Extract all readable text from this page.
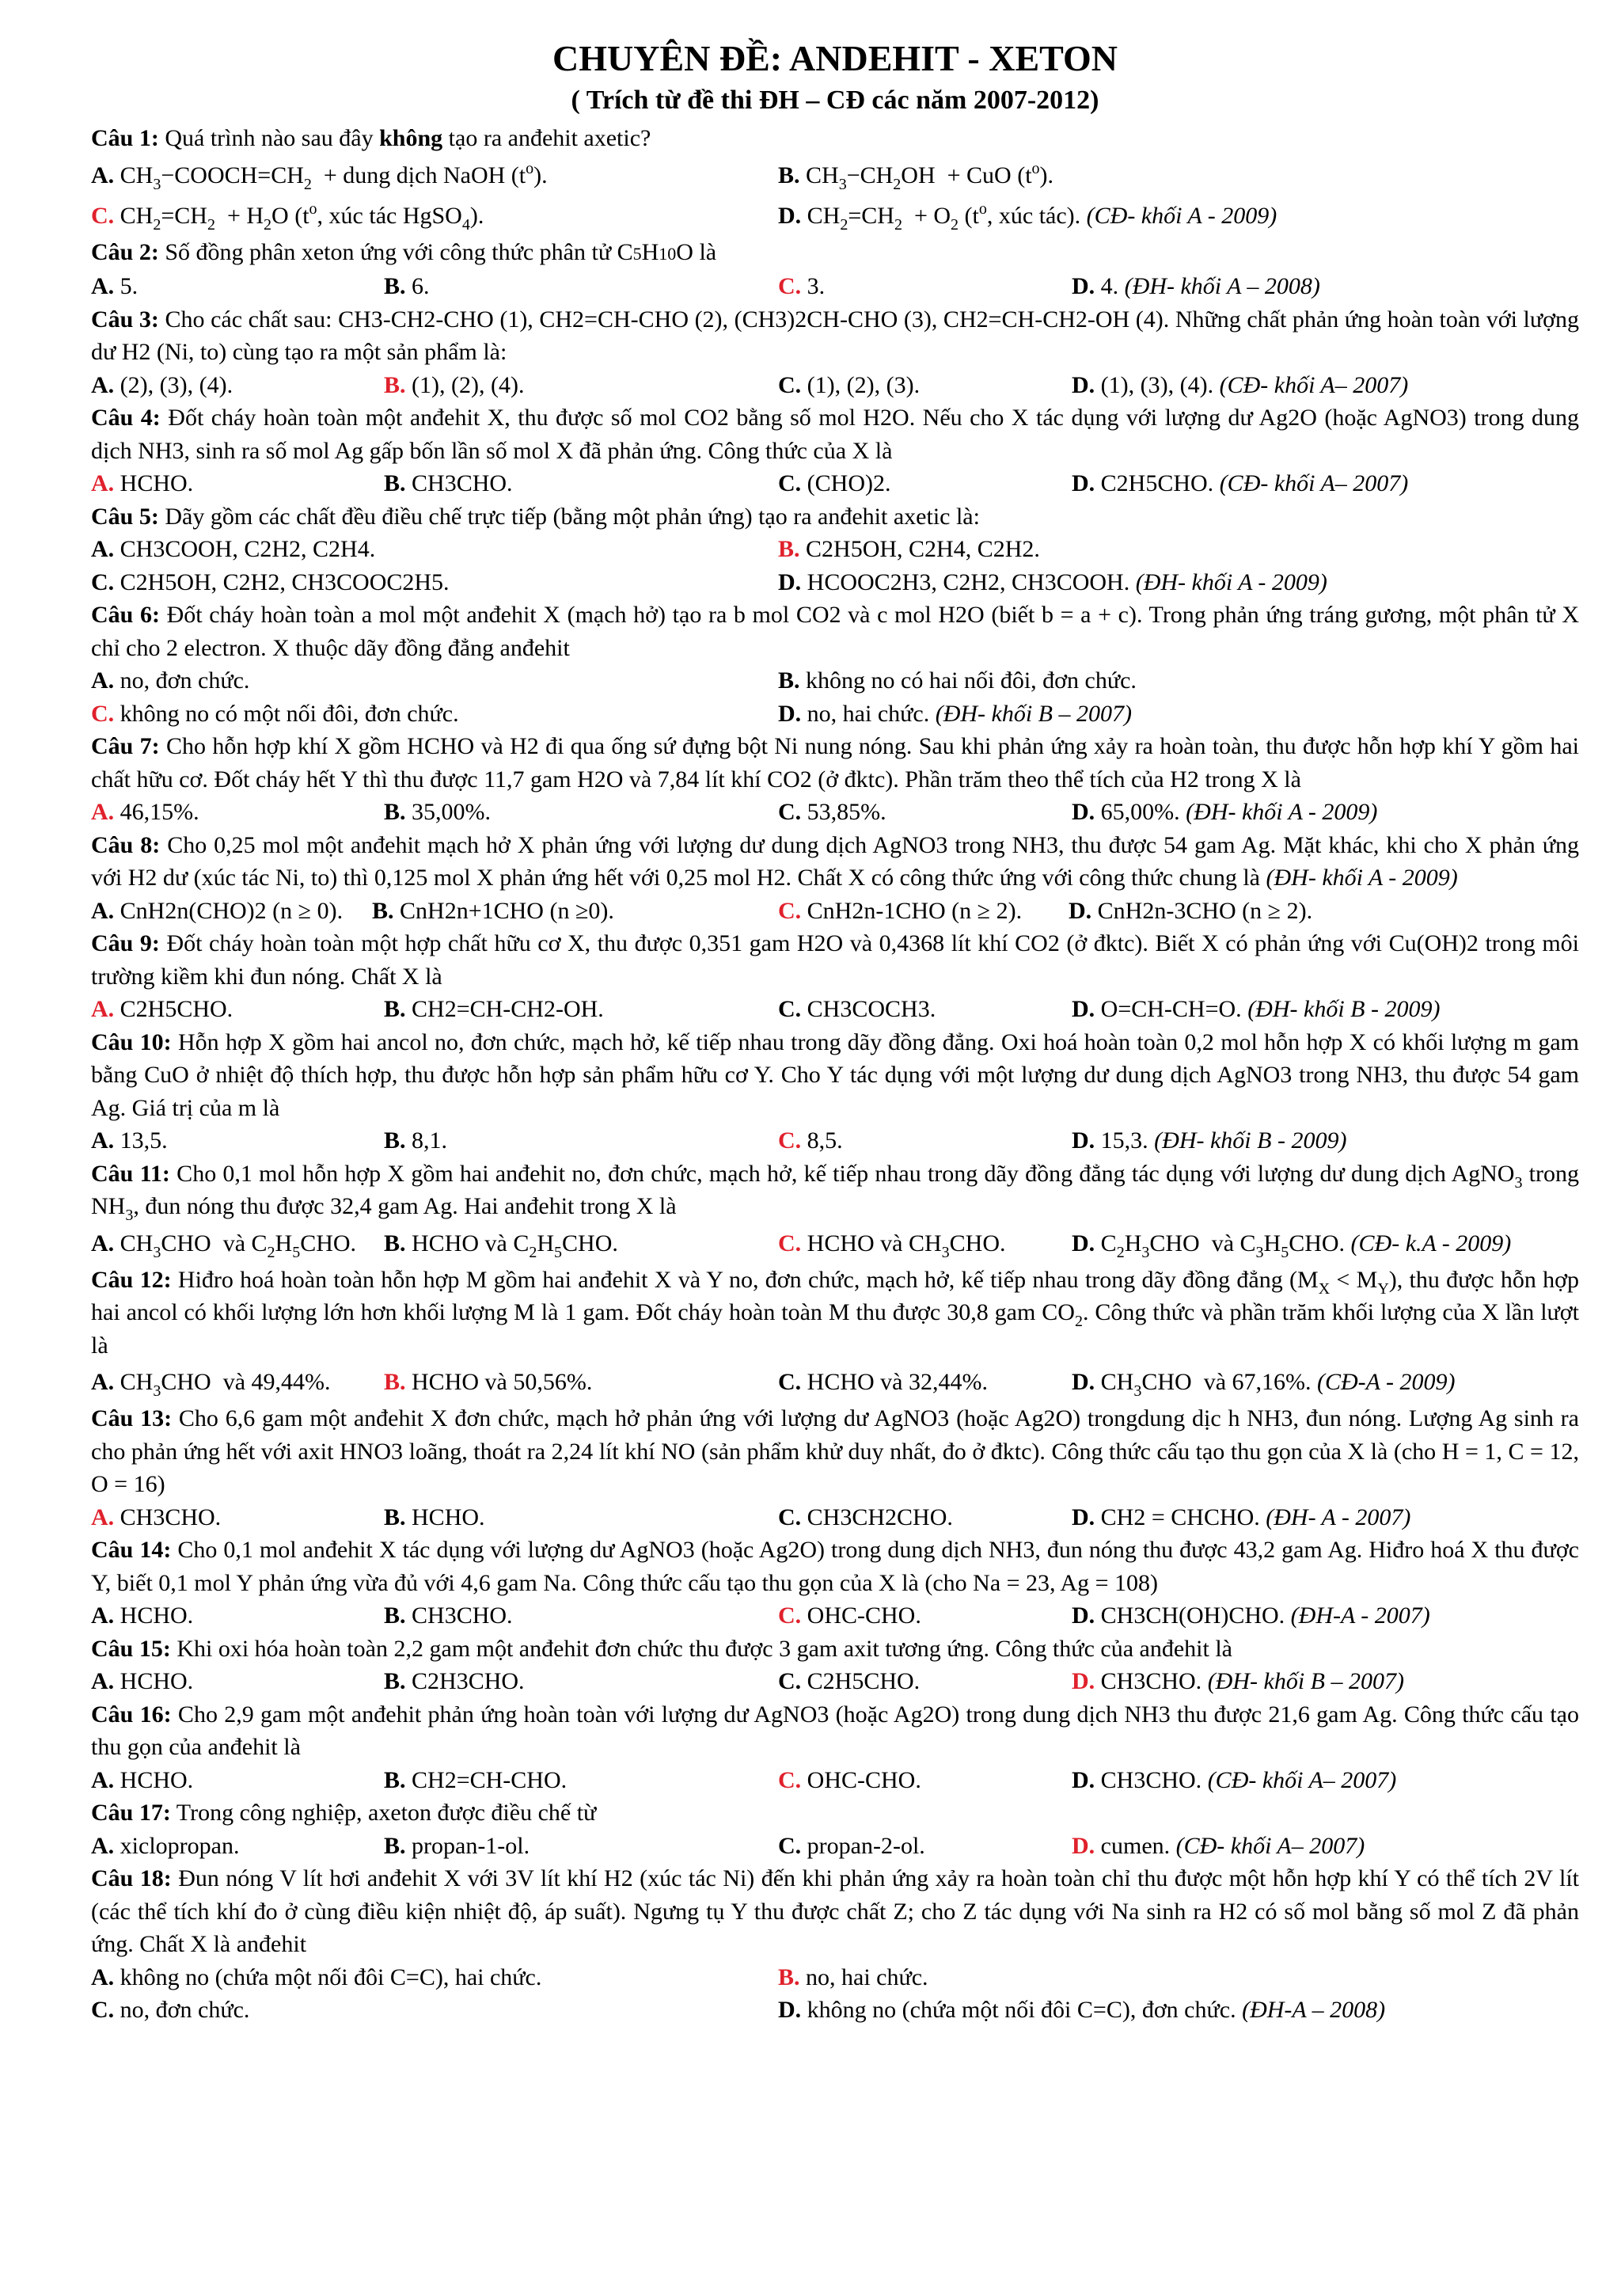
CHUYÊN ĐỀ: ANDEHIT - XETON
( Trích từ đề thi ĐH – CĐ các năm 2007-2012)

Câu 1: Quá trình nào sau đây không tạo ra anđehit axetic?

A. $CH_3-COOCH=CH_2$  + dung dịch NaOH $(t^o)$.	B. $CH_3-CH_2OH$  + CuO $(t^o)$.
C. $CH_2=CH_2 + H_2O$ ($t^o$, xúc tác HgSO$_4$).	D. $CH_2=CH_2 + O_2$ ($t^o$, xúc tác). (CĐ- khối A - 2009)

Câu 2: Số đồng phân xeton ứng với công thức phân tử C5H10O là

A. 5.	B. 6.	C. 3.	D. 4. (ĐH- khối A – 2008)

Câu 3: Cho các chất sau: CH3-CH2-CHO (1), CH2=CH-CHO (2), (CH3)2CH-CHO (3), CH2=CH-CH2-OH (4). Những chất phản ứng hoàn toàn với lượng dư H2 (Ni, to) cùng tạo ra một sản phẩm là:

A. (2), (3), (4).	B. (1), (2), (4).	C. (1), (2), (3).	D. (1), (3), (4). (CĐ- khối A– 2007)

Câu 4: Đốt cháy hoàn toàn một anđehit X, thu được số mol CO2 bằng số mol H2O. Nếu cho X tác dụng với lượng dư Ag2O (hoặc AgNO3) trong dung dịch NH3, sinh ra số mol Ag gấp bốn lần số mol X đã phản ứng. Công thức của X là

A. HCHO.	B. CH3CHO.	C. (CHO)2.	D. C2H5CHO. (CĐ- khối A– 2007)

Câu 5: Dãy gồm các chất đều điều chế trực tiếp (bằng một phản ứng) tạo ra anđehit axetic là:

A. CH3COOH, C2H2, C2H4.	B. C2H5OH, C2H4, C2H2.
C. C2H5OH, C2H2, CH3COOC2H5.	D. HCOOC2H3, C2H2, CH3COOH. (ĐH- khối A - 2009)

Câu 6: Đốt cháy hoàn toàn a mol một anđehit X (mạch hở) tạo ra b mol CO2 và c mol H2O (biết b = a + c). Trong phản ứng tráng gương, một phân tử X chỉ cho 2 electron. X thuộc dãy đồng đẳng anđehit

A. no, đơn chức.	B. không no có hai nối đôi, đơn chức.
C. không no có một nối đôi, đơn chức.	D. no, hai chức. (ĐH- khối B – 2007)

Câu 7: Cho hỗn hợp khí X gồm HCHO và H2 đi qua ống sứ đựng bột Ni nung nóng. Sau khi phản ứng xảy ra hoàn toàn, thu được hỗn hợp khí Y gồm hai chất hữu cơ. Đốt cháy hết Y thì thu được 11,7 gam H2O và 7,84 lít khí CO2 (ở đktc). Phần trăm theo thể tích của H2 trong X là

A. 46,15%.	B. 35,00%.	C. 53,85%.	D. 65,00%. (ĐH- khối A - 2009)

Câu 8: Cho 0,25 mol một anđehit mạch hở X phản ứng với lượng dư dung dịch AgNO3 trong NH3, thu được 54 gam Ag. Mặt khác, khi cho X phản ứng với H2 dư (xúc tác Ni, to) thì 0,125 mol X phản ứng hết với 0,25 mol H2. Chất X có công thức ứng với công thức chung là (ĐH- khối A - 2009)

A. CnH2n(CHO)2 (n ≥ 0). B. CnH2n+1CHO (n ≥0).	C. CnH2n-1CHO (n ≥ 2). D. CnH2n-3CHO (n ≥ 2).

Câu 9: Đốt cháy hoàn toàn một hợp chất hữu cơ X, thu được 0,351 gam H2O và 0,4368 lít khí CO2 (ở đktc). Biết X có phản ứng với Cu(OH)2 trong môi trường kiềm khi đun nóng. Chất X là

A. C2H5CHO.	B. CH2=CH-CH2-OH.	C. CH3COCH3.	D. O=CH-CH=O. (ĐH- khối B - 2009)

Câu 10: Hỗn hợp X gồm hai ancol no, đơn chức, mạch hở, kế tiếp nhau trong dãy đồng đẳng. Oxi hoá hoàn toàn 0,2 mol hỗn hợp X có khối lượng m gam bằng CuO ở nhiệt độ thích hợp, thu được hỗn hợp sản phẩm hữu cơ Y. Cho Y tác dụng với một lượng dư dung dịch AgNO3 trong NH3, thu được 54 gam Ag. Giá trị của m là

A. 13,5.	B. 8,1.	C. 8,5.	D. 15,3. (ĐH- khối B - 2009)

Câu 11: Cho 0,1 mol hỗn hợp X gồm hai anđehit no, đơn chức, mạch hở, kế tiếp nhau trong dãy đồng đẳng tác dụng với lượng dư dung dịch AgNO$_3$ trong $NH_3$, đun nóng thu được 32,4 gam Ag. Hai anđehit trong X là

A. $CH_3CHO$  và $C_2H_5CHO$. B. HCHO và $C_2H_5CHO$.	C. HCHO và $CH_3CHO$.	D. $C_2H_3CHO$  và $C_3H_5CHO$. (CĐ- k.A - 2009)

Câu 12: Hiđro hoá hoàn toàn hỗn hợp M gồm hai anđehit X và Y no, đơn chức, mạch hở, kế tiếp nhau trong dãy đồng đẳng $(M_X < M_Y)$, thu được hỗn hợp hai ancol có khối lượng lớn hơn khối lượng M là 1 gam. Đốt cháy hoàn toàn M thu được 30,8 gam $CO_2$. Công thức và phần trăm khối lượng của X lần lượt là

A. $CH_3CHO$  và 49,44%. B. HCHO và 50,56%.	C. HCHO và 32,44%.	D. $CH_3CHO$  và 67,16%. (CĐ-A - 2009)

Câu 13: Cho 6,6 gam một anđehit X đơn chức, mạch hở phản ứng với lượng dư AgNO3 (hoặc Ag2O) trongdung dịc h NH3, đun nóng. Lượng Ag sinh ra cho phản ứng hết với axit HNO3 loãng, thoát ra 2,24 lít khí NO (sản phẩm khử duy nhất, đo ở đktc). Công thức cấu tạo thu gọn của X là (cho H = 1, C = 12, O = 16)

A. CH3CHO.	B. HCHO.	C. CH3CH2CHO.	D. CH2 = CHCHO. (ĐH- A - 2007)

Câu 14: Cho 0,1 mol anđehit X tác dụng với lượng dư AgNO3 (hoặc Ag2O) trong dung dịch NH3, đun nóng thu được 43,2 gam Ag. Hiđro hoá X thu được Y, biết 0,1 mol Y phản ứng vừa đủ với 4,6 gam Na. Công thức cấu tạo thu gọn của X là (cho Na = 23, Ag = 108)

A. HCHO.	B. CH3CHO.	C. OHC-CHO.	D. CH3CH(OH)CHO. (ĐH-A - 2007)

Câu 15: Khi oxi hóa hoàn toàn 2,2 gam một anđehit đơn chức thu được 3 gam axit tương ứng. Công thức của anđehit là

A. HCHO.	B. C2H3CHO.	C. C2H5CHO.	D. CH3CHO. (ĐH- khối B – 2007)

Câu 16: Cho 2,9 gam một anđehit phản ứng hoàn toàn với lượng dư AgNO3 (hoặc Ag2O) trong dung dịch NH3 thu được 21,6 gam Ag. Công thức cấu tạo thu gọn của anđehit là

A. HCHO.	B. CH2=CH-CHO.	C. OHC-CHO.	D. CH3CHO. (CĐ- khối A– 2007)

Câu 17: Trong công nghiệp, axeton được điều chế từ

A. xiclopropan.	B. propan-1-ol.	C. propan-2-ol.	D. cumen. (CĐ- khối A– 2007)

Câu 18: Đun nóng V lít hơi anđehit X với 3V lít khí H2 (xúc tác Ni) đến khi phản ứng xảy ra hoàn toàn chỉ thu được một hỗn hợp khí Y có thể tích 2V lít (các thể tích khí đo ở cùng điều kiện nhiệt độ, áp suất). Ngưng tụ Y thu được chất Z; cho Z tác dụng với Na sinh ra H2 có số mol bằng số mol Z đã phản ứng. Chất X là anđehit

A. không no (chứa một nối đôi C=C), hai chức.	B. no, hai chức.
C. no, đơn chức.	D. không no (chứa một nối đôi C=C), đơn chức. (ĐH-A – 2008)
